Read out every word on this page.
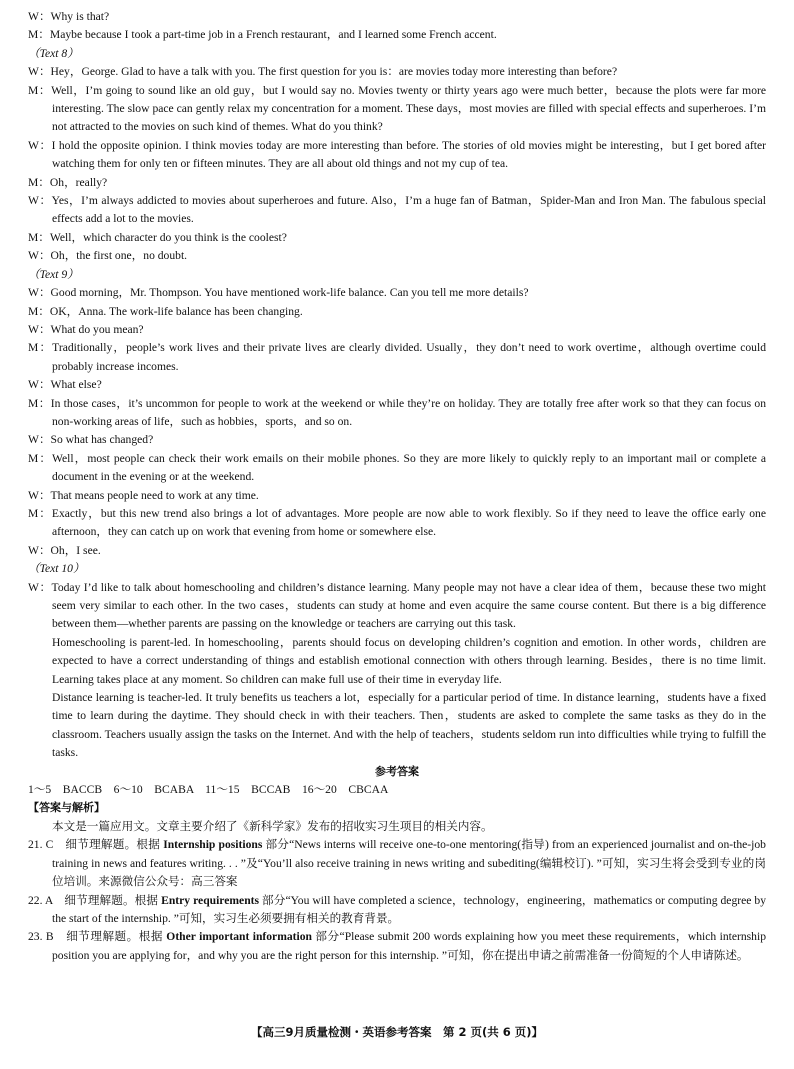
W：Why is that?
M：Maybe because I took a part-time job in a French restaurant，and I learned some French accent.
（Text 8）
W：Hey，George. Glad to have a talk with you. The first question for you is：are movies today more interesting than before?
M：Well，I’m going to sound like an old guy，but I would say no. Movies twenty or thirty years ago were much better，because the plots were far more interesting. The slow pace can gently relax my concentration for a moment. These days，most movies are filled with special effects and superheroes. I’m not attracted to the movies on such kind of themes. What do you think?
W：I hold the opposite opinion. I think movies today are more interesting than before. The stories of old movies might be interesting，but I get bored after watching them for only ten or fifteen minutes. They are all about old things and not my cup of tea.
M：Oh，really?
W：Yes，I’m always addicted to movies about superheroes and future. Also，I’m a huge fan of Batman，Spider-Man and Iron Man. The fabulous special effects add a lot to the movies.
M：Well，which character do you think is the coolest?
W：Oh，the first one，no doubt.
（Text 9）
W：Good morning，Mr. Thompson. You have mentioned work-life balance. Can you tell me more details?
M：OK，Anna. The work-life balance has been changing.
W：What do you mean?
M：Traditionally，people’s work lives and their private lives are clearly divided. Usually，they don’t need to work overtime，although overtime could probably increase incomes.
W：What else?
M：In those cases，it’s uncommon for people to work at the weekend or while they’re on holiday. They are totally free after work so that they can focus on non-working areas of life，such as hobbies，sports，and so on.
W：So what has changed?
M：Well，most people can check their work emails on their mobile phones. So they are more likely to quickly reply to an important mail or complete a document in the evening or at the weekend.
W：That means people need to work at any time.
M：Exactly，but this new trend also brings a lot of advantages. More people are now able to work flexibly. So if they need to leave the office early one afternoon，they can catch up on work that evening from home or somewhere else.
W：Oh，I see.
（Text 10）
W：Today I’d like to talk about homeschooling and children’s distance learning. Many people may not have a clear idea of them，because these two might seem very similar to each other. In the two cases，students can study at home and even acquire the same course content. But there is a big difference between them—whether parents are passing on the knowledge or teachers are carrying out this task.
Homeschooling is parent-led. In homeschooling，parents should focus on developing children’s cognition and emotion. In other words，children are expected to have a correct understanding of things and establish emotional connection with others through learning. Besides，there is no time limit. Learning takes place at any moment. So children can make full use of their time in everyday life.
Distance learning is teacher-led. It truly benefits us teachers a lot，especially for a particular period of time. In distance learning，students have a fixed time to learn during the daytime. They should check in with their teachers. Then，students are asked to complete the same tasks as they do in the classroom. Teachers usually assign the tasks on the Internet. And with the help of teachers，students seldom run into difficulties while trying to fulfill the tasks.
参考答案
1～5　BACCB　6～10　BCABA　11～15　BCCAB　16～20　CBCAA
【答案与解析】
本文是一篇应用文。文章主要介绍了《新科学家》发布的招收实习生项目的相关内容。
21. C　细节理解题。根据 Internship positions 部分“News interns will receive one-to-one mentoring(指导) from an experienced journalist and on-the-job training in news and features writing. . . ”及“You’ll also receive training in news writing and subediting(编辑校订). ”可知，实习生将会受到专业的岗位培训。来源微信公众号：高三答案
22. A　细节理解题。根据 Entry requirements 部分“You will have completed a science，technology，engineering，mathematics or computing degree by the start of the internship. ”可知，实习生必须要拥有相关的教育背景。
23. B　细节理解题。根据 Other important information 部分“Please submit 200 words explaining how you meet these requirements，which internship position you are applying for，and why you are the right person for this internship. ”可知，你在提出申请之前需准备一份简短的个人申请陈述。
【高三9月质量检测・英语参考答案　第 2 页(共 6 页)】
